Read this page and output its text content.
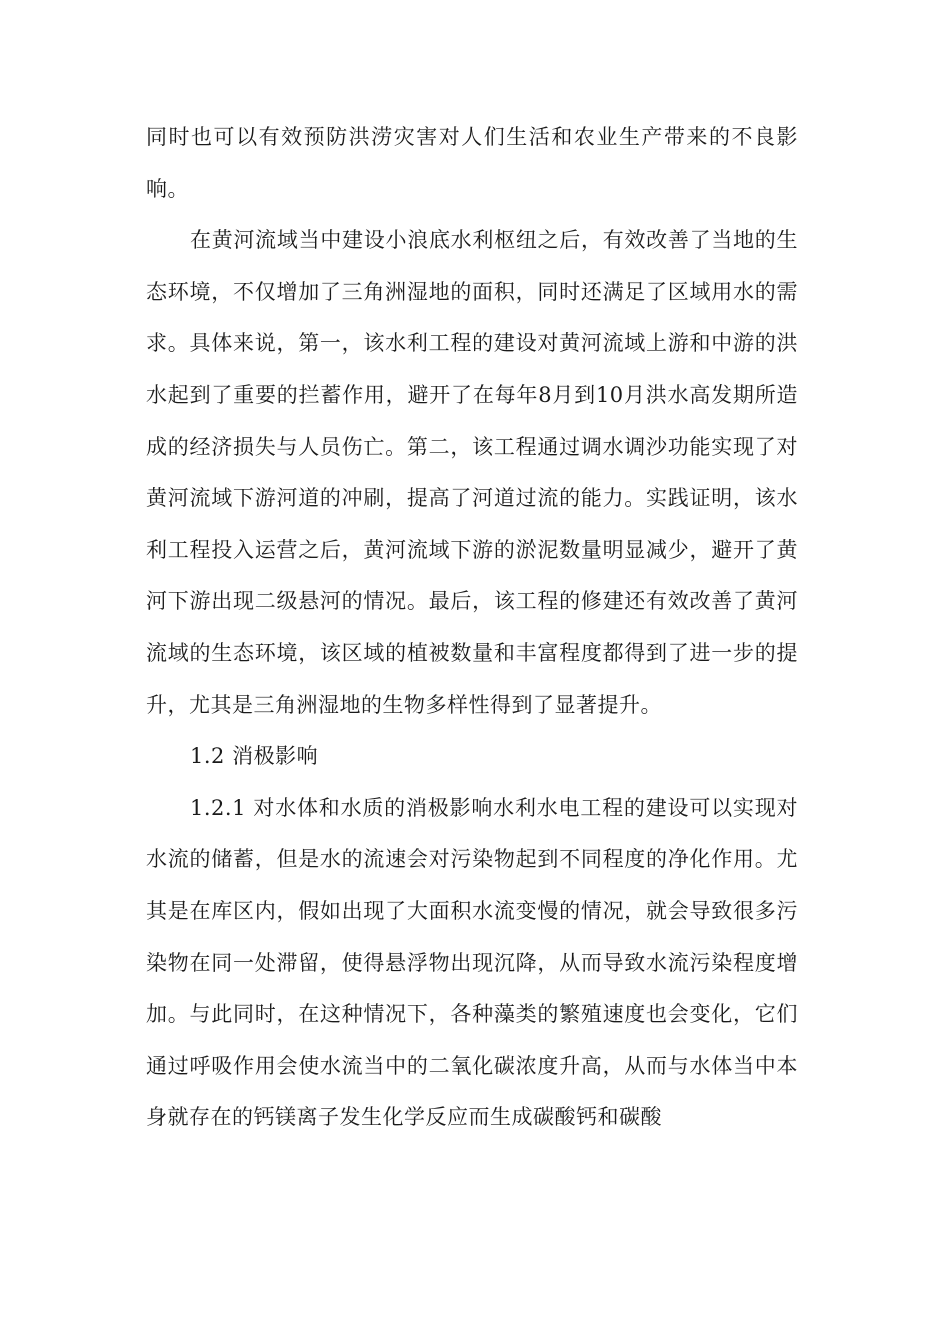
同时也可以有效预防洪涝灾害对人们生活和农业生产带来的不良影响。

在黄河流域当中建设小浪底水利枢纽之后，有效改善了当地的生态环境，不仅增加了三角洲湿地的面积，同时还满足了区域用水的需求。具体来说，第一，该水利工程的建设对黄河流域上游和中游的洪水起到了重要的拦蓄作用，避开了在每年8月到10月洪水高发期所造成的经济损失与人员伤亡。第二，该工程通过调水调沙功能实现了对黄河流域下游河道的冲刷，提高了河道过流的能力。实践证明，该水利工程投入运营之后，黄河流域下游的淤泥数量明显减少，避开了黄河下游出现二级悬河的情况。最后，该工程的修建还有效改善了黄河流域的生态环境，该区域的植被数量和丰富程度都得到了进一步的提升，尤其是三角洲湿地的生物多样性得到了显著提升。

1.2 消极影响

1.2.1 对水体和水质的消极影响水利水电工程的建设可以实现对水流的储蓄，但是水的流速会对污染物起到不同程度的净化作用。尤其是在库区内，假如出现了大面积水流变慢的情况，就会导致很多污染物在同一处滞留，使得悬浮物出现沉降，从而导致水流污染程度增加。与此同时，在这种情况下，各种藻类的繁殖速度也会变化，它们通过呼吸作用会使水流当中的二氧化碳浓度升高，从而与水体当中本身就存在的钙镁离子发生化学反应而生成碳酸钙和碳酸
